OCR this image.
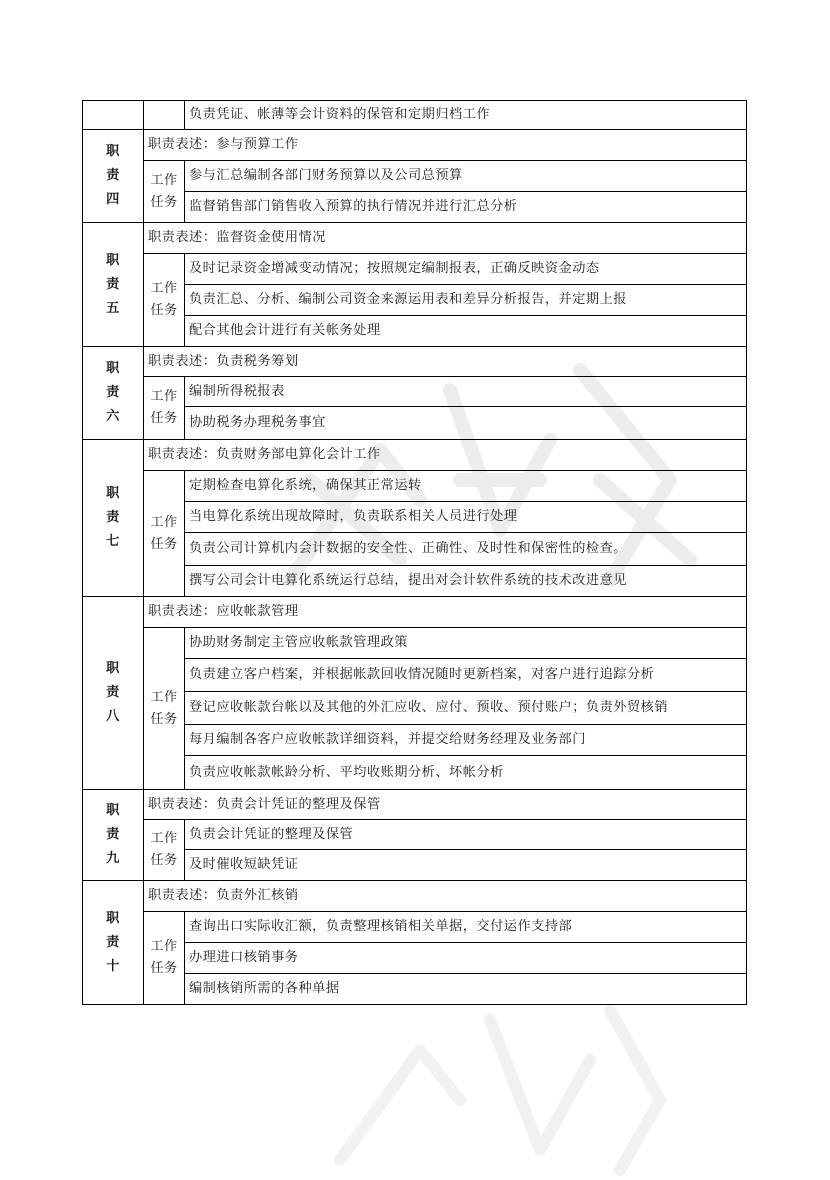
		负责凭证、帐薄等会计资料的保管和定期归档工作

职
责
四	职责表述：参与预算工作	

	工作
任务	参与汇总编制各部门财务预算以及公司总预算
		监督销售部门销售收入预算的执行情况并进行汇总分析

职
责
五	职责表述：监督资金使用情况	

	工作
任务	及时记录资金增减变动情况；按照规定编制报表，正确反映资金动态
		负责汇总、分析、编制公司资金来源运用表和差异分析报告，并定期上报
		配合其他会计进行有关帐务处理

职
责
六	职责表述：负责税务筹划	

	工作
任务	编制所得税报表
		协助税务办理税务事宜

职
责
七	职责表述：负责财务部电算化会计工作	

	工作
任务	定期检查电算化系统，确保其正常运转
		当电算化系统出现故障时，负责联系相关人员进行处理
		负责公司计算机内会计数据的安全性、正确性、及时性和保密性的检查。
		撰写公司会计电算化系统运行总结，提出对会计软件系统的技术改进意见

职
责
八	职责表述：应收帐款管理	

	工作
任务	协助财务制定主管应收帐款管理政策
		负责建立客户档案，并根据帐款回收情况随时更新档案，对客户进行追踪分析
		登记应收帐款台帐以及其他的外汇应收、应付、预收、预付账户；负责外贸核销
		每月编制各客户应收帐款详细资料，并提交给财务经理及业务部门
		负责应收帐款帐龄分析、平均收账期分析、坏帐分析

职
责
九	职责表述：负责会计凭证的整理及保管	

	工作
任务	负责会计凭证的整理及保管
		及时催收短缺凭证

职
责
十	职责表述：负责外汇核销	

	工作
任务	查询出口实际收汇额，负责整理核销相关单据，交付运作支持部
		办理进口核销事务
		编制核销所需的各种单据
